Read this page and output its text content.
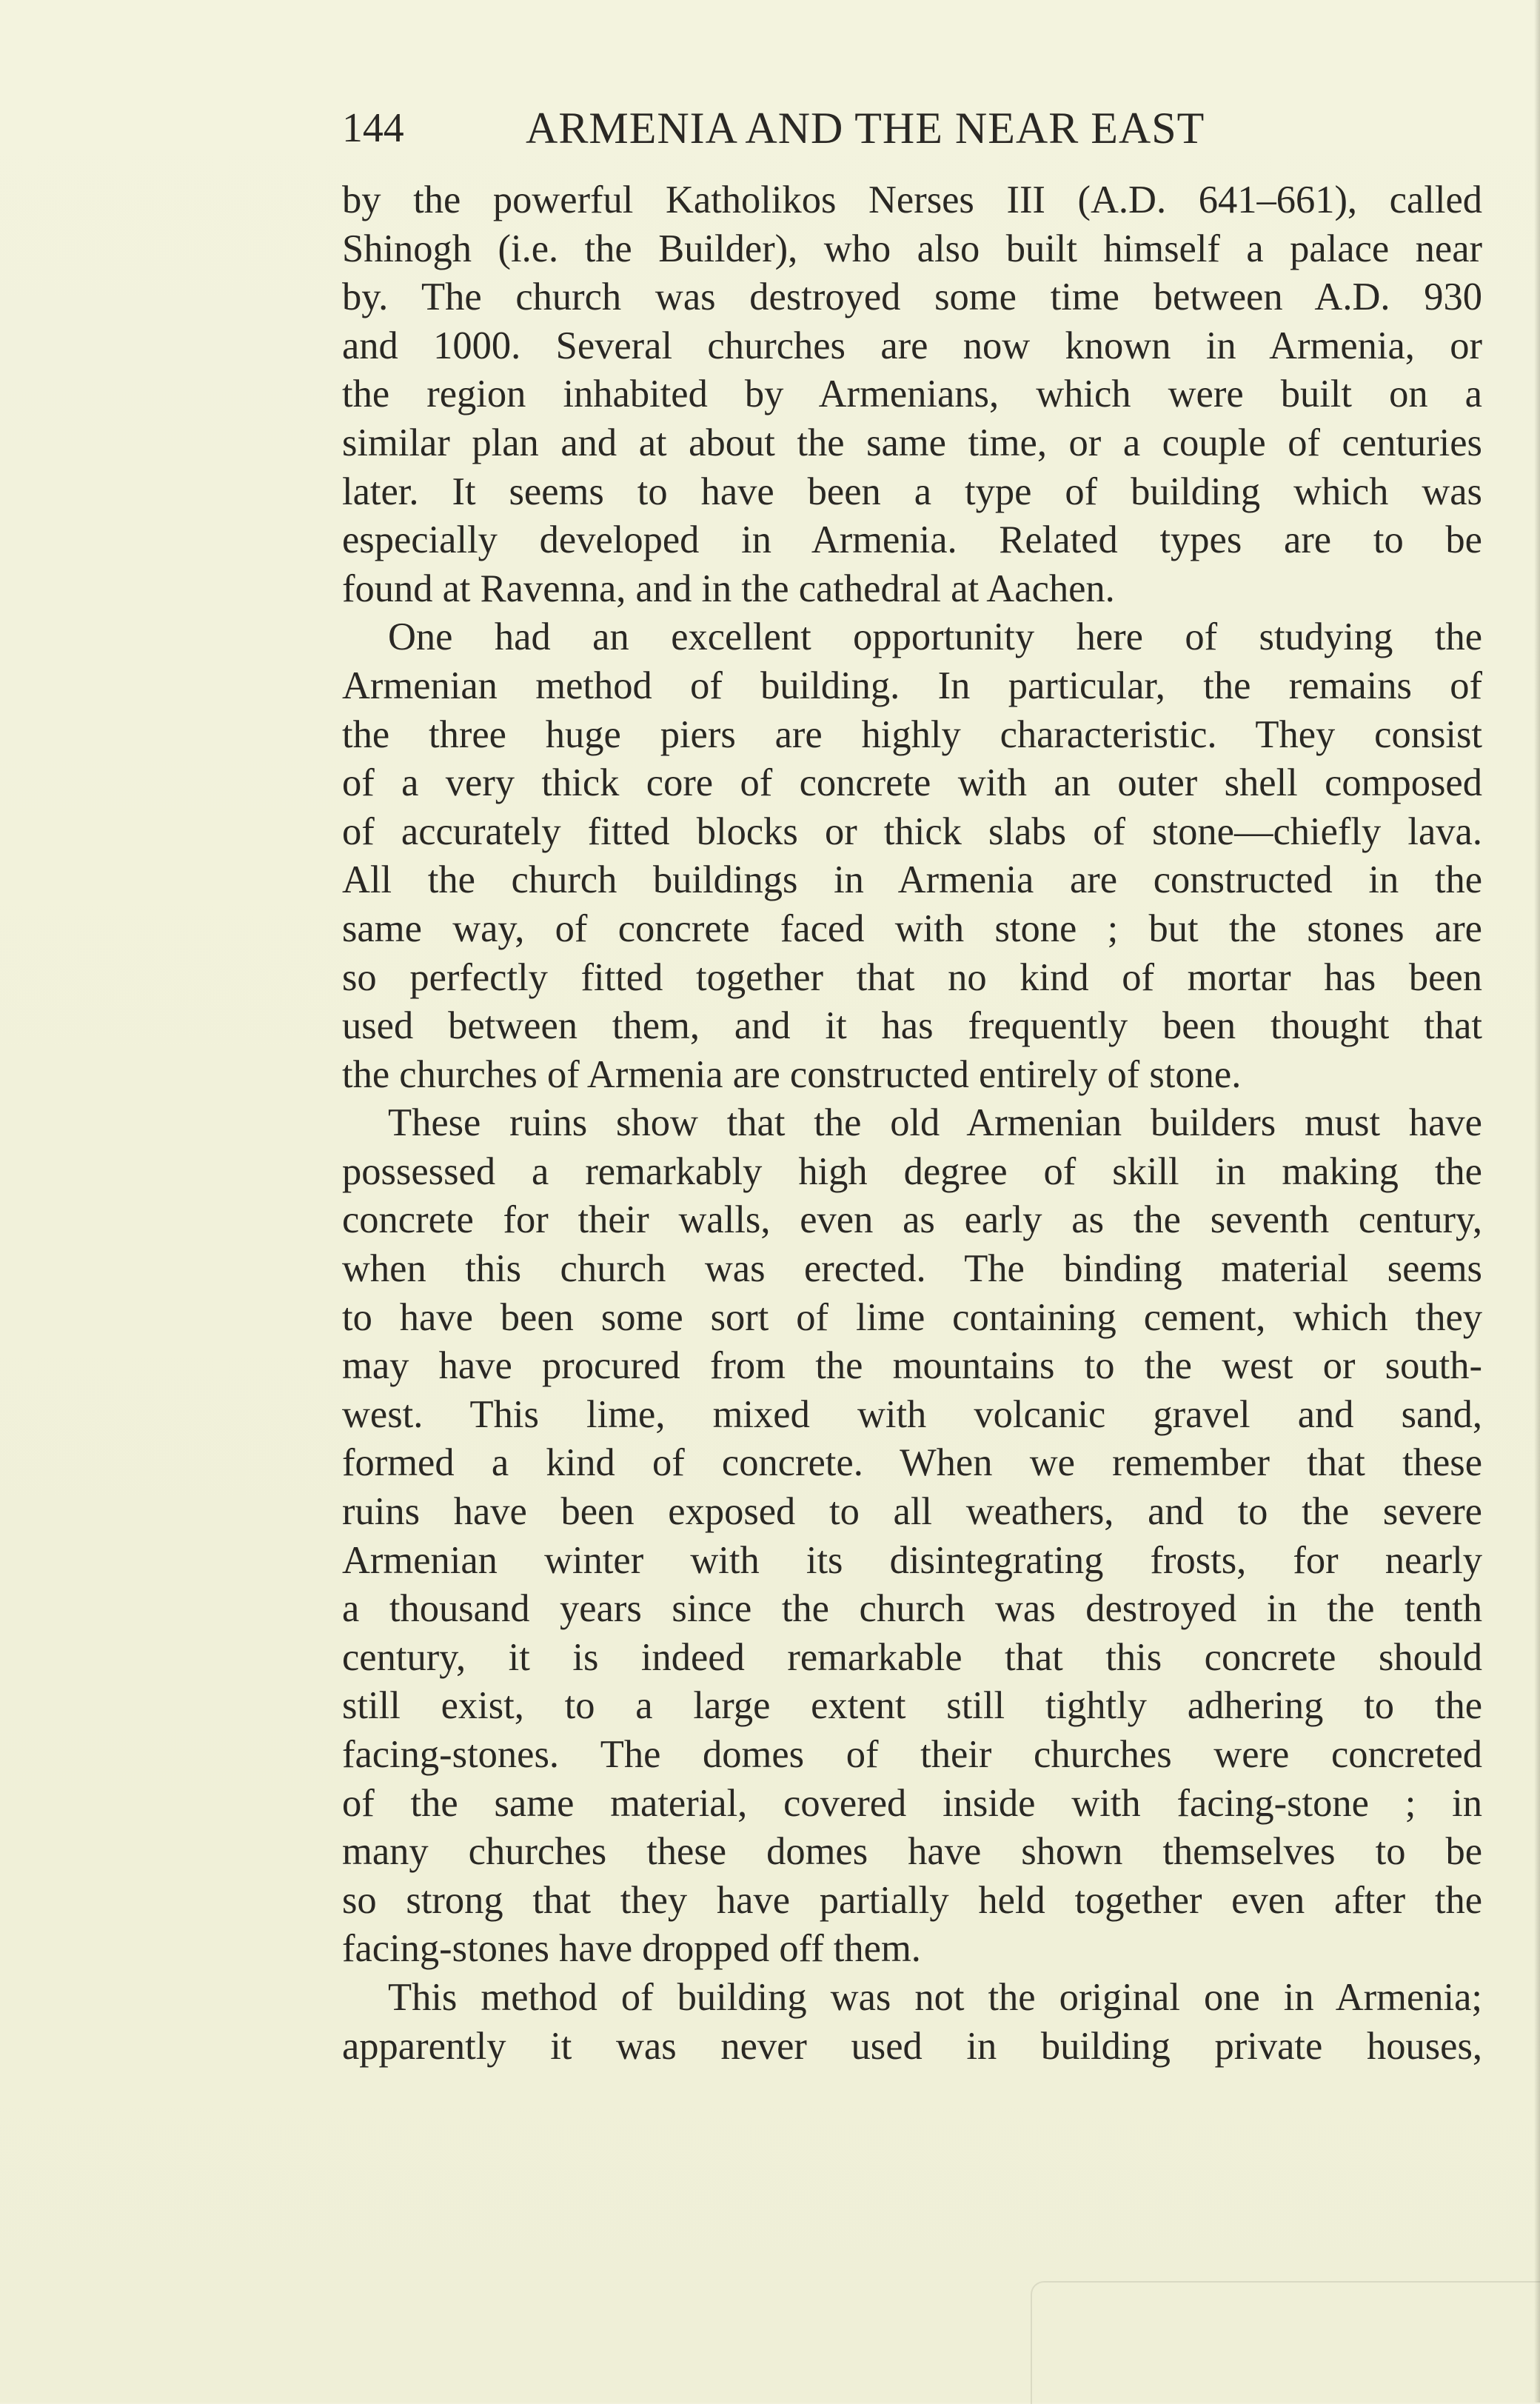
144	ARMENIA AND THE NEAR EAST
by the powerful Katholikos Nerses III (A.D. 641–661), called
Shinogh (i.e. the Builder), who also built himself a palace near
by. The church was destroyed some time between A.D. 930
and 1000. Several churches are now known in Armenia, or
the region inhabited by Armenians, which were built on a
similar plan and at about the same time, or a couple of centuries
later. It seems to have been a type of building which was
especially developed in Armenia. Related types are to be
found at Ravenna, and in the cathedral at Aachen.
One had an excellent opportunity here of studying the
Armenian method of building. In particular, the remains of
the three huge piers are highly characteristic. They consist
of a very thick core of concrete with an outer shell composed
of accurately fitted blocks or thick slabs of stone—chiefly lava.
All the church buildings in Armenia are constructed in the
same way, of concrete faced with stone ; but the stones are
so perfectly fitted together that no kind of mortar has been
used between them, and it has frequently been thought that
the churches of Armenia are constructed entirely of stone.
These ruins show that the old Armenian builders must have
possessed a remarkably high degree of skill in making the
concrete for their walls, even as early as the seventh century,
when this church was erected. The binding material seems
to have been some sort of lime containing cement, which they
may have procured from the mountains to the west or south-
west. This lime, mixed with volcanic gravel and sand,
formed a kind of concrete. When we remember that these
ruins have been exposed to all weathers, and to the severe
Armenian winter with its disintegrating frosts, for nearly
a thousand years since the church was destroyed in the tenth
century, it is indeed remarkable that this concrete should
still exist, to a large extent still tightly adhering to the
facing-stones. The domes of their churches were concreted
of the same material, covered inside with facing-stone ; in
many churches these domes have shown themselves to be
so strong that they have partially held together even after the
facing-stones have dropped off them.
This method of building was not the original one in Armenia;
apparently it was never used in building private houses,
